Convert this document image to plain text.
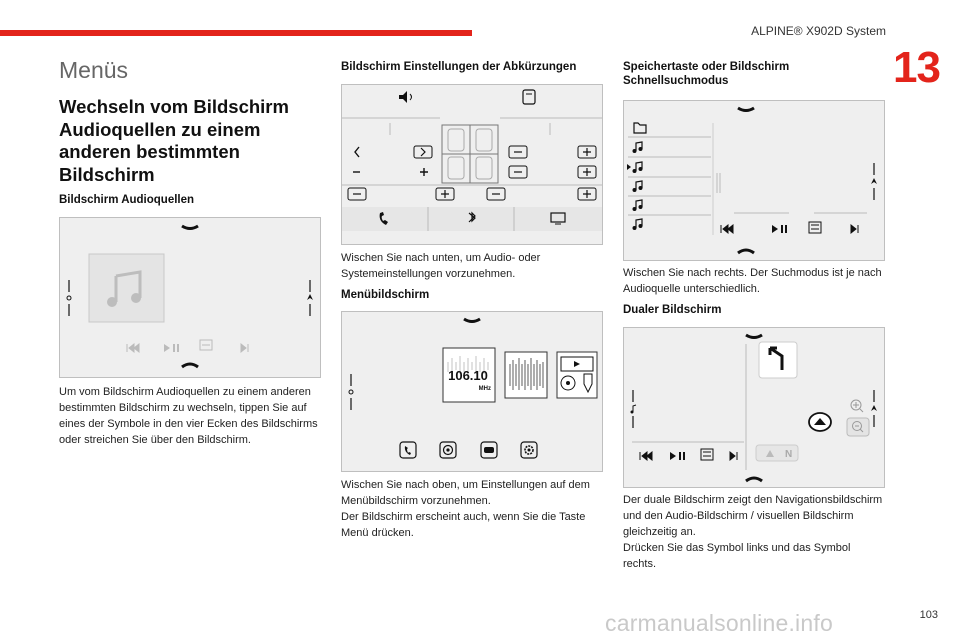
ALPINE® X902D System
13
Menüs
Wechseln vom Bildschirm Audioquellen zu einem anderen bestimmten Bildschirm
Bildschirm Audioquellen
Um vom Bildschirm Audioquellen zu einem anderen bestimmten Bildschirm zu wechseln, tippen Sie auf eines der Symbole in den vier Ecken des Bildschirms oder streichen Sie über den Bildschirm.
Bildschirm Einstellungen der Abkürzungen
Wischen Sie nach unten, um Audio- oder Systemeinstellungen vorzunehmen.
Menübildschirm
106.10
MHz
Wischen Sie nach oben, um Einstellungen auf dem Menübildschirm vorzunehmen.
Der Bildschirm erscheint auch, wenn Sie die Taste Menü drücken.
Speichertaste oder Bildschirm Schnellsuchmodus
Wischen Sie nach rechts. Der Suchmodus ist je nach Audioquelle unterschiedlich.
Dualer Bildschirm
N
Der duale Bildschirm zeigt den Navigationsbildschirm und den Audio-Bildschirm / visuellen Bildschirm gleichzeitig an.
Drücken Sie das Symbol links und das Symbol rechts.
carmanualsonline.info	103
